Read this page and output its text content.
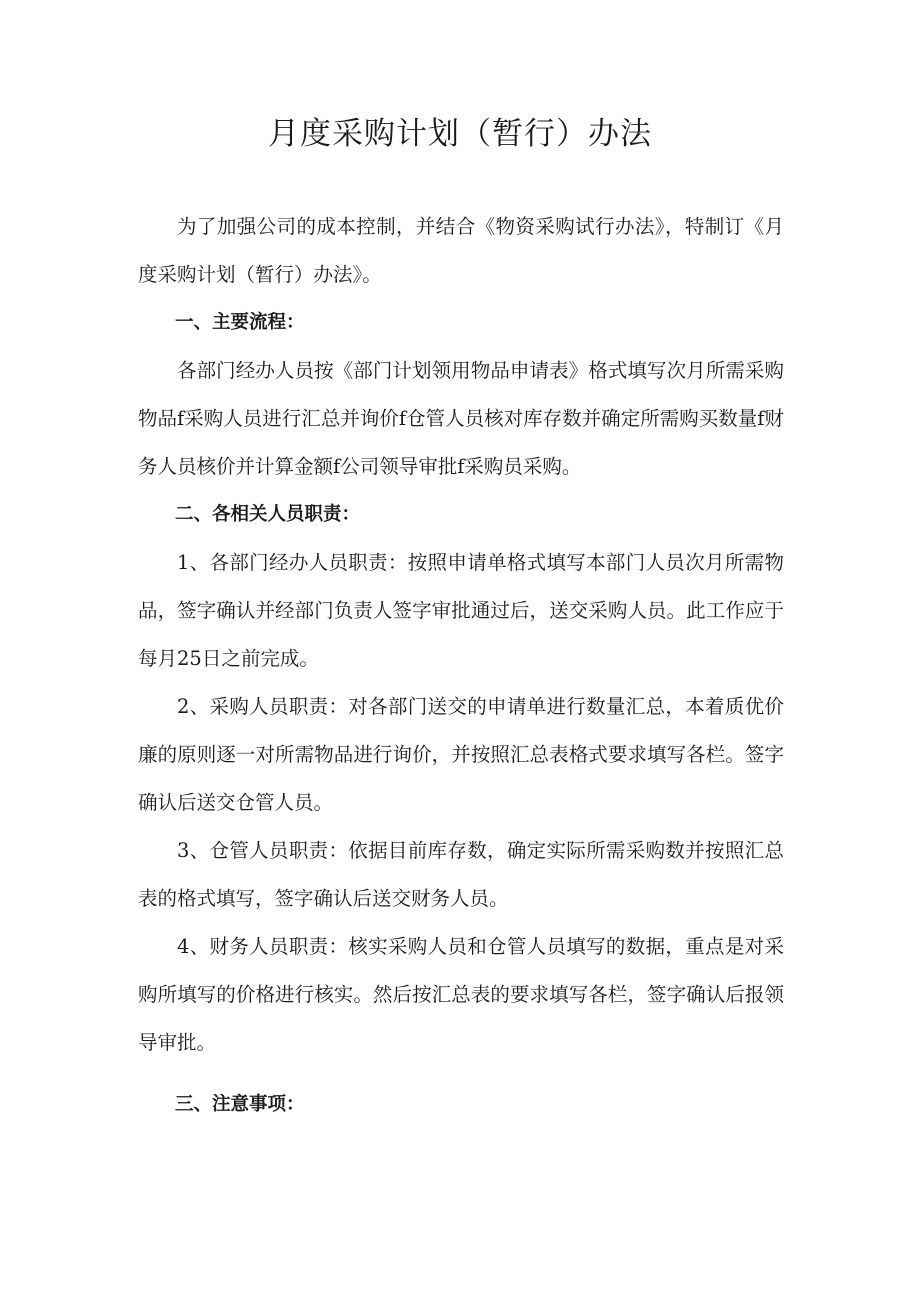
月度采购计划（暂行）办法

为了加强公司的成本控制，并结合《物资采购试行办法》，特制订《月度采购计划（暂行）办法》。

一、主要流程：

各部门经办人员按《部门计划领用物品申请表》格式填写次月所需采购物品f采购人员进行汇总并询价f仓管人员核对库存数并确定所需购买数量f财务人员核价并计算金额f公司领导审批f采购员采购。

二、各相关人员职责：

1、各部门经办人员职责：按照申请单格式填写本部门人员次月所需物品，签字确认并经部门负责人签字审批通过后，送交采购人员。此工作应于每月25日之前完成。

2、采购人员职责：对各部门送交的申请单进行数量汇总，本着质优价廉的原则逐一对所需物品进行询价，并按照汇总表格式要求填写各栏。签字确认后送交仓管人员。

3、仓管人员职责：依据目前库存数，确定实际所需采购数并按照汇总表的格式填写，签字确认后送交财务人员。

4、财务人员职责：核实采购人员和仓管人员填写的数据，重点是对采购所填写的价格进行核实。然后按汇总表的要求填写各栏，签字确认后报领导审批。

三、注意事项：
